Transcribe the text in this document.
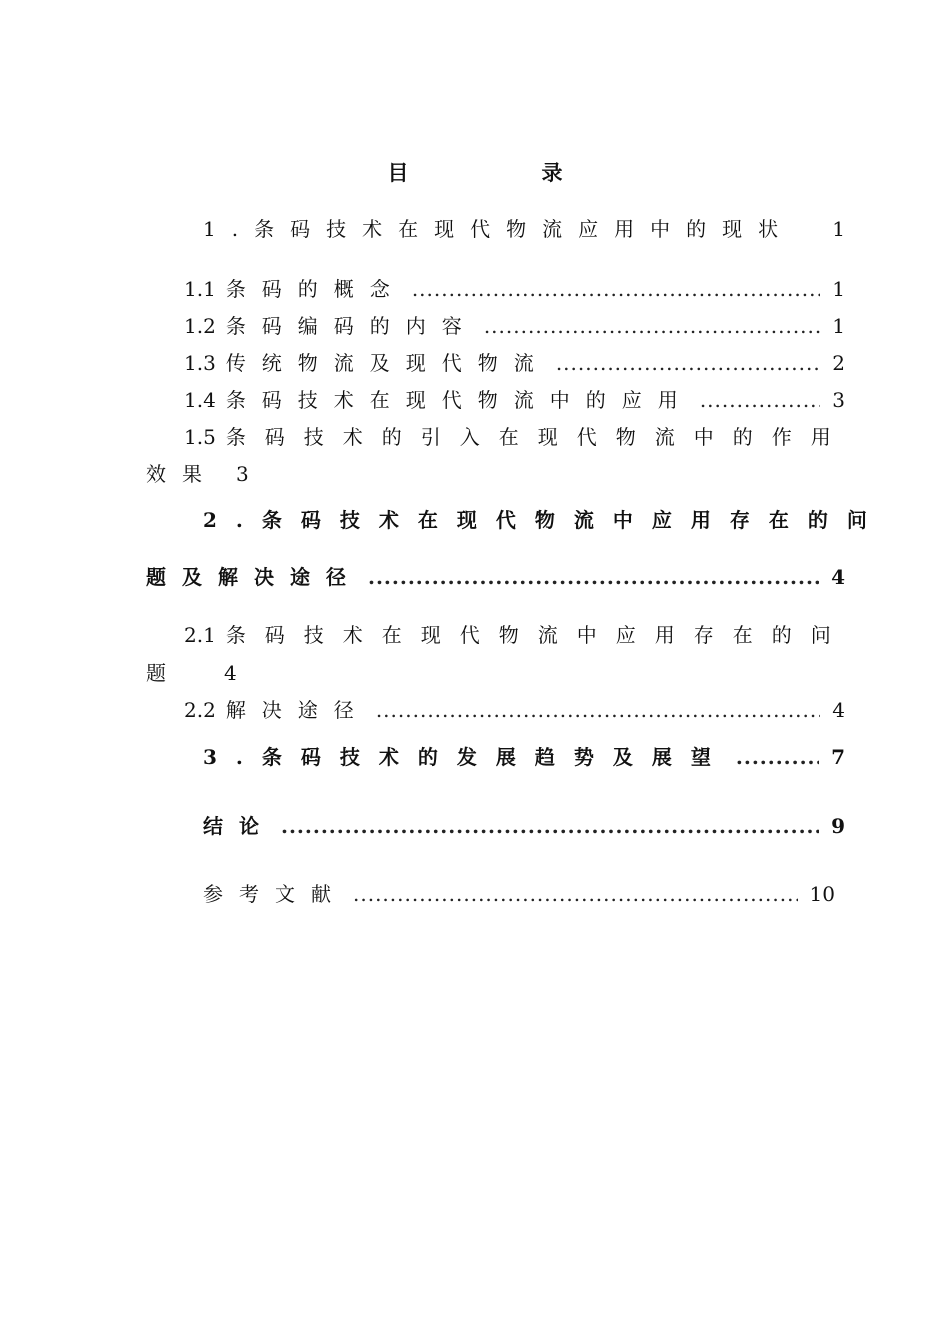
目　录
1.条码技术在现代物流应用中的现状	1
1.1 条码的概念 .....	1
1.2 条码编码的内容 .....	1
1.3 传统物流及现代物流 .....	2
1.4 条码技术在现代物流中的应用 .....	3
1.5 条码技术的引入在现代物流中的作用
效果 3
2.条码技术在现代物流中应用存在的问
题及解决途径 .....	4
2.1 条码技术在现代物流中应用存在的问
题	4
2.2 解决途径 .....	4
3.条码技术的发展趋势及展望 .....	7
结论 .....	9
参考文献 .....	10
